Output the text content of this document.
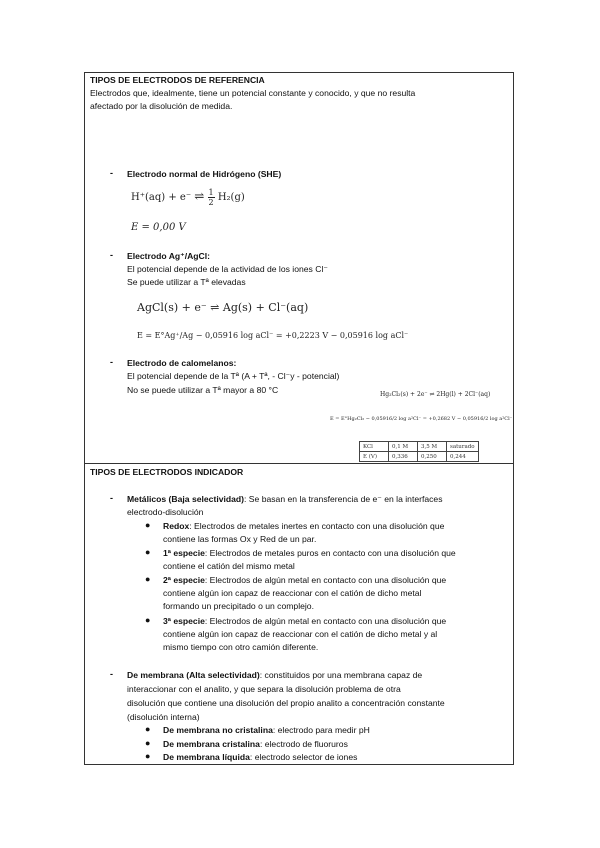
TIPOS DE ELECTRODOS DE REFERENCIA
Electrodos que, idealmente, tiene un potencial constante y conocido, y que no resulta
afectado por la disolución de medida.
- Electrodo normal de Hidrógeno (SHE)
H⁺(aq) + e⁻ ⇌ $\frac{1}{2} H_2(g)$
E = 0,00 V
- Electrodo Ag⁺/AgCl:
El potencial depende de la actividad de los iones Cl⁻
Se puede utilizar a Tª elevadas
AgCl(s) + e⁻ ⇌ Ag(s) + Cl⁻(aq)
E = E°Ag⁺/Ag − 0,05916 log aCl⁻ = +0,2223 V − 0,05916 log aCl⁻
- Electrodo de calomelanos:
El potencial depende de la Tª (A + Tª, - Cl⁻y - potencial)
No se puede utilizar a Tª mayor a 80 °C	Hg₂Cl₂(s) + 2e⁻ ⇌ 2Hg(l) + 2Cl⁻(aq)
E = E°Hg₂Cl₂ − 0,05916/2 log a²Cl⁻ = +0,2682 V − 0,05916/2 log a²Cl⁻
KCl	0,1 M	3,5 M	saturado
E (V)	0,336	0,250	0,244
TIPOS DE ELECTRODOS INDICADOR
- Metálicos (Baja selectividad): Se basan en la transferencia de e⁻ en la interfaces
electrodo-disolución
● Redox: Electrodos de metales inertes en contacto con una disolución que
contiene las formas Ox y Red de un par.
● 1ª especie: Electrodos de metales puros en contacto con una disolución que
contiene el catión del mismo metal
● 2ª especie: Electrodos de algún metal en contacto con una disolución que
contiene algún ion capaz de reaccionar con el catión de dicho metal
formando un precipitado o un complejo.
● 3ª especie: Electrodos de algún metal en contacto con una disolución que
contiene algún ion capaz de reaccionar con el catión de dicho metal y al
mismo tiempo con otro camión diferente.
- De membrana (Alta selectividad): constituidos por una membrana capaz de
interaccionar con el analito, y que separa la disolución problema de otra
disolución que contiene una disolución del propio analito a concentración constante
(disolución interna)
● De membrana no cristalina: electrodo para medir pH
● De membrana cristalina: electrodo de fluoruros
● De membrana líquida: electrodo selector de iones
